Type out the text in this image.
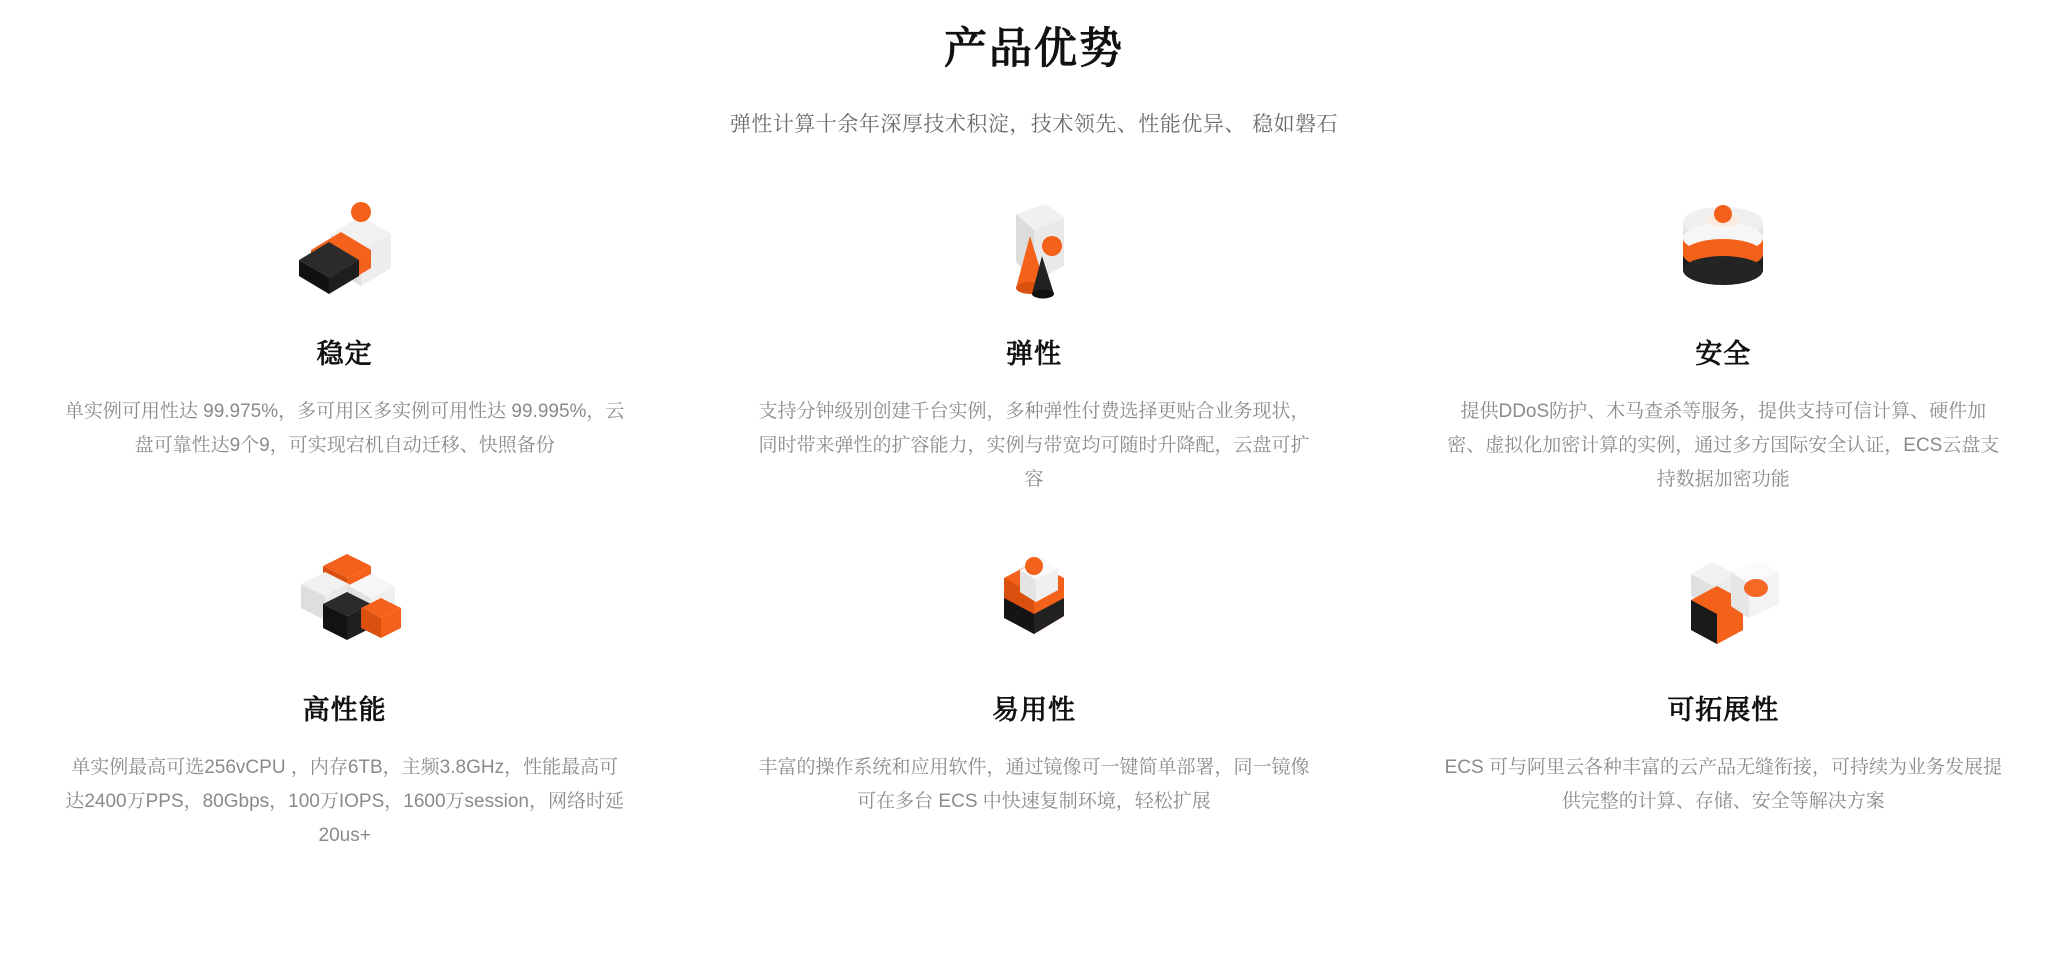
产品优势

弹性计算十余年深厚技术积淀，技术领先、性能优异、 稳如磐石

稳定
单实例可用性达 99.975%，多可用区多实例可用性达 99.995%，云盘可靠性达9个9，可实现宕机自动迁移、快照备份
弹性
支持分钟级别创建千台实例，多种弹性付费选择更贴合业务现状，同时带来弹性的扩容能力，实例与带宽均可随时升降配，云盘可扩容
安全
提供DDoS防护、木马查杀等服务，提供支持可信计算、硬件加密、虚拟化加密计算的实例，通过多方国际安全认证，ECS云盘支持数据加密功能
高性能
单实例最高可选256vCPU ，内存6TB，主频3.8GHz，性能最高可达2400万PPS，80Gbps，100万IOPS，1600万session，网络时延20us+
易用性
丰富的操作系统和应用软件，通过镜像可一键简单部署，同一镜像可在多台 ECS 中快速复制环境，轻松扩展
可拓展性
ECS 可与阿里云各种丰富的云产品无缝衔接，可持续为业务发展提供完整的计算、存储、安全等解决方案
